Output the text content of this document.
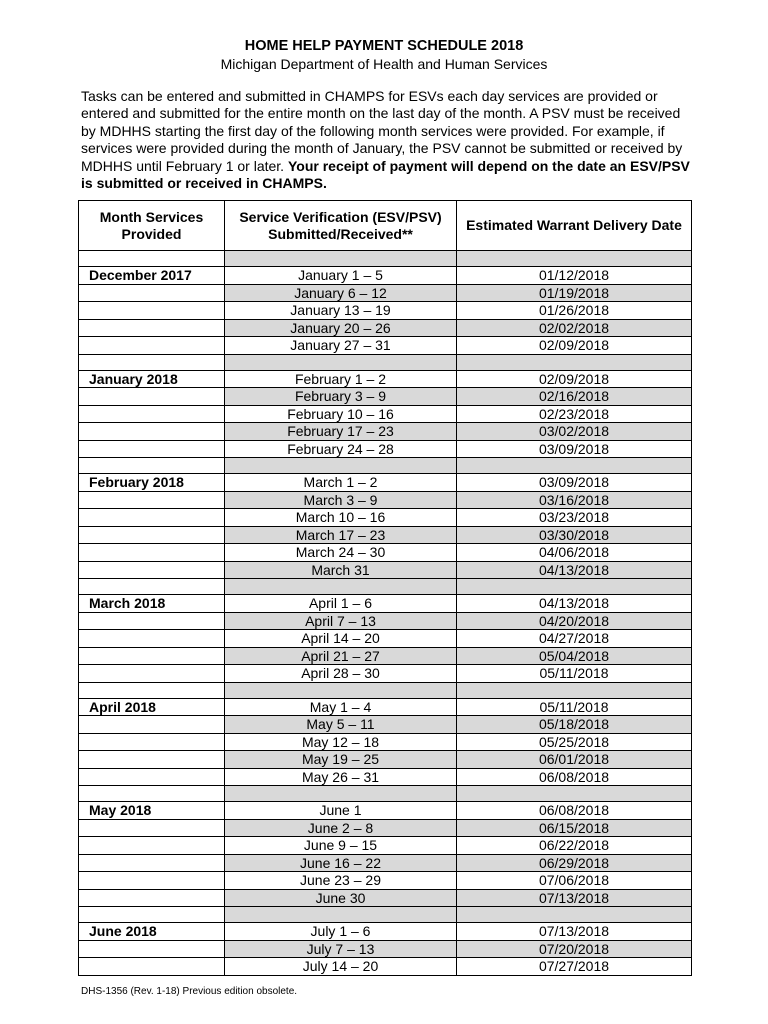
HOME HELP PAYMENT SCHEDULE 2018
Michigan Department of Health and Human Services
Tasks can be entered and submitted in CHAMPS for ESVs each day services are provided or entered and submitted for the entire month on the last day of the month. A PSV must be received by MDHHS starting the first day of the following month services were provided. For example, if services were provided during the month of January, the PSV cannot be submitted or received by MDHHS until February 1 or later. Your receipt of payment will depend on the date an ESV/PSV is submitted or received in CHAMPS.
Month Services Provided	Service Verification (ESV/PSV) Submitted/Received**	Estimated Warrant Delivery Date

December 2017	January 1 – 5	01/12/2018
	January 6 – 12	01/19/2018
	January 13 – 19	01/26/2018
	January 20 – 26	02/02/2018
	January 27 – 31	02/09/2018

January 2018	February 1 – 2	02/09/2018
	February 3 – 9	02/16/2018
	February 10 – 16	02/23/2018
	February 17 – 23	03/02/2018
	February 24 – 28	03/09/2018

February 2018	March 1 – 2	03/09/2018
	March 3 – 9	03/16/2018
	March 10 – 16	03/23/2018
	March 17 – 23	03/30/2018
	March 24 – 30	04/06/2018
	March 31	04/13/2018

March 2018	April 1 – 6	04/13/2018
	April 7 – 13	04/20/2018
	April 14 – 20	04/27/2018
	April 21 – 27	05/04/2018
	April 28 – 30	05/11/2018

April 2018	May 1 – 4	05/11/2018
	May 5 – 11	05/18/2018
	May 12 – 18	05/25/2018
	May 19 – 25	06/01/2018
	May 26 – 31	06/08/2018

May 2018	June 1	06/08/2018
	June 2 – 8	06/15/2018
	June 9 – 15	06/22/2018
	June 16 – 22	06/29/2018
	June 23 – 29	07/06/2018
	June 30	07/13/2018

June 2018	July 1 – 6	07/13/2018
	July 7 – 13	07/20/2018
	July 14 – 20	07/27/2018
DHS-1356 (Rev. 1-18) Previous edition obsolete.
